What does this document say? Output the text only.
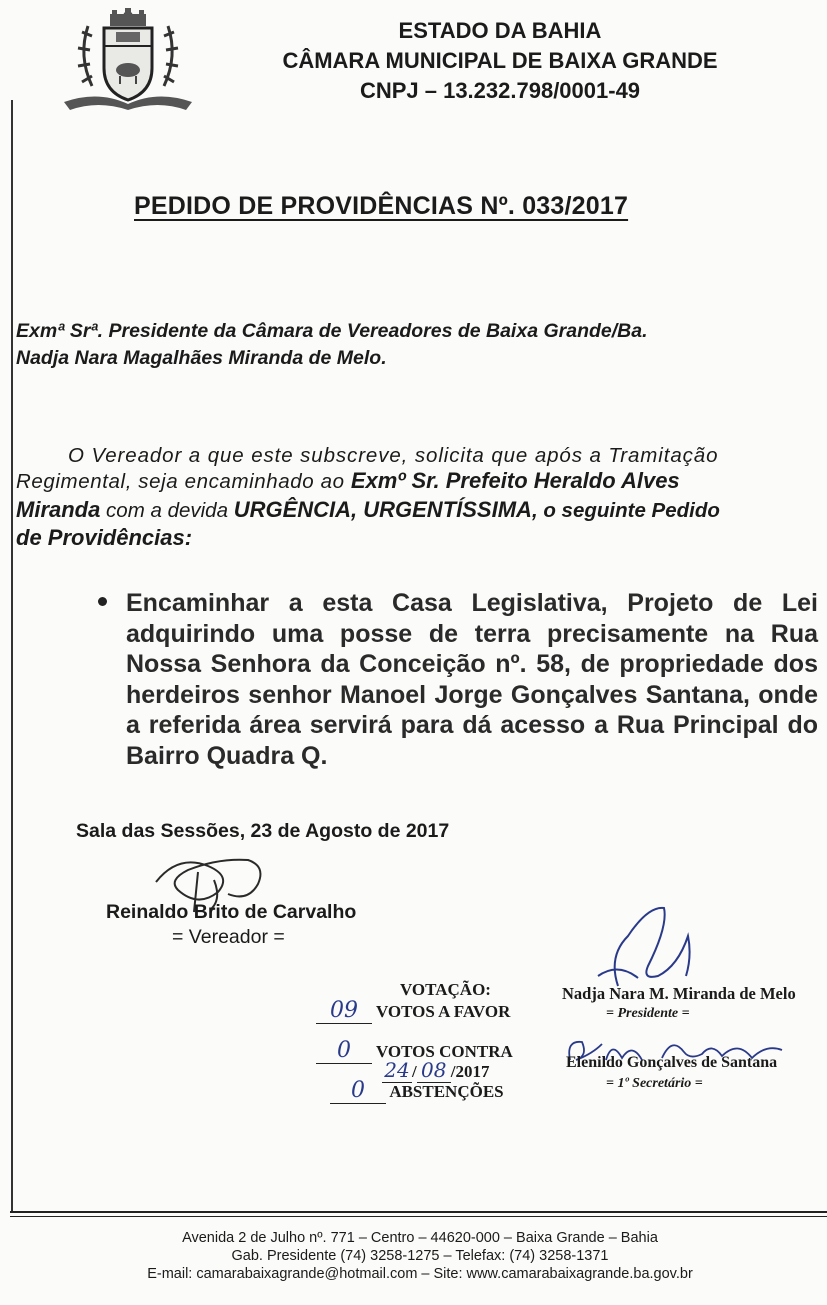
ESTADO DA BAHIA
CÂMARA MUNICIPAL DE BAIXA GRANDE
CNPJ – 13.232.798/0001-49
PEDIDO DE PROVIDÊNCIAS Nº. 033/2017
Exmª Srª. Presidente da Câmara de Vereadores de Baixa Grande/Ba.
Nadja Nara Magalhães Miranda de Melo.
O Vereador a que este subscreve, solicita que após a Tramitação
Regimental, seja encaminhado ao Exmº Sr. Prefeito Heraldo Alves
Miranda com a devida URGÊNCIA, URGENTÍSSIMA, o seguinte Pedido
de Providências:
Encaminhar a esta Casa Legislativa, Projeto de Lei adquirindo uma posse de terra precisamente na Rua Nossa Senhora da Conceição nº. 58, de propriedade dos herdeiros senhor Manoel Jorge Gonçalves Santana, onde a referida área servirá para dá acesso a Rua Principal do Bairro Quadra Q.
Sala das Sessões, 23 de Agosto de 2017
Reinaldo Brito de Carvalho
= Vereador =
VOTAÇÃO:
09 VOTOS A FAVOR
0 VOTOS CONTRA
24 / 08 /2017
0 ABSTENÇÕES
Nadja Nara M. Miranda de Melo
= Presidente =
Elenildo Gonçalves de Santana
= 1º Secretário =
Avenida 2 de Julho nº. 771 – Centro – 44620-000 – Baixa Grande – Bahia
Gab. Presidente (74) 3258-1275 – Telefax: (74) 3258-1371
E-mail: camarabaixagrande@hotmail.com – Site: www.camarabaixagrande.ba.gov.br
